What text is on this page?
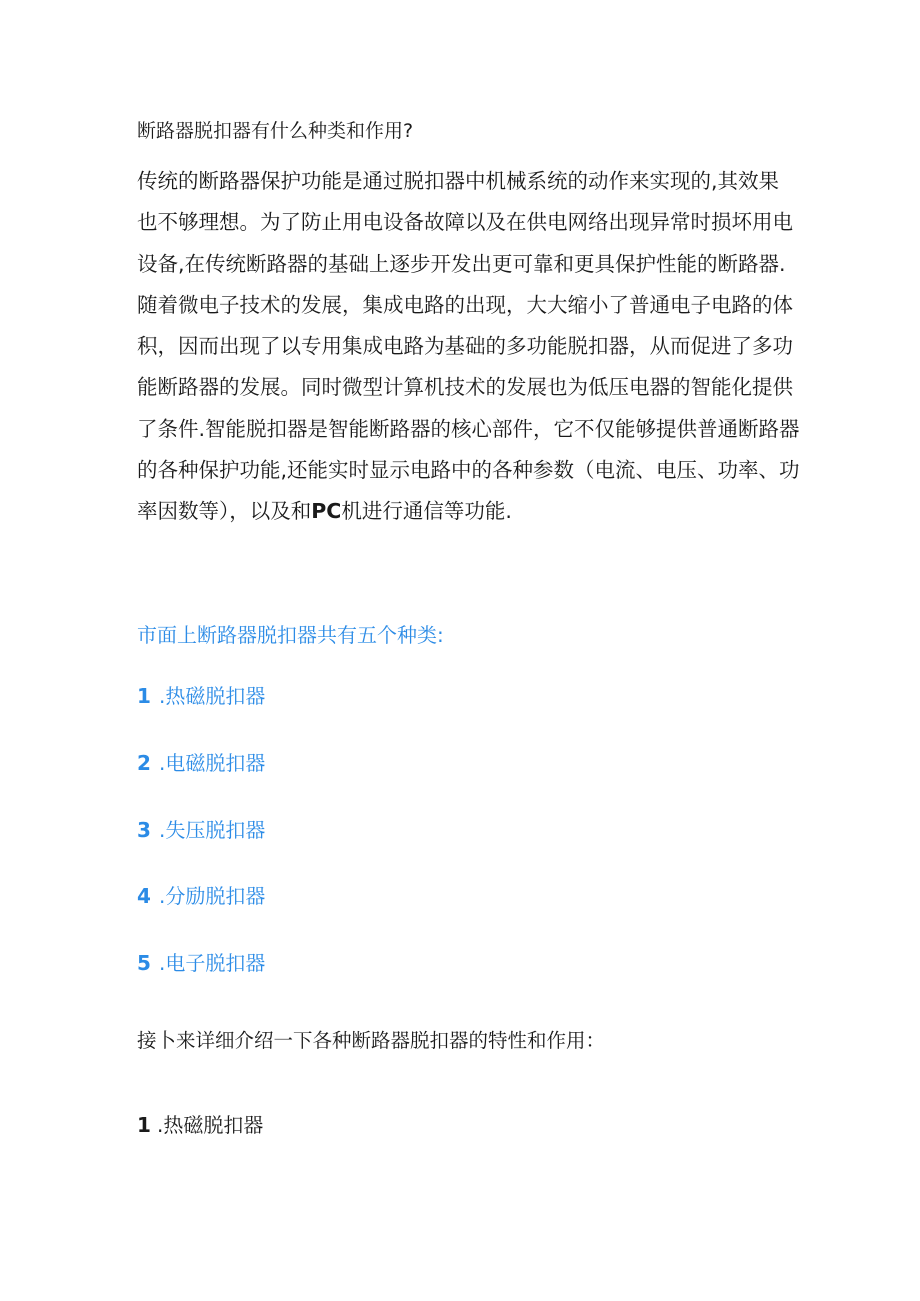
断路器脱扣器有什么种类和作用?
传统的断路器保护功能是通过脱扣器中机械系统的动作来实现的,其效果
也不够理想。为了防止用电设备故障以及在供电网络出现异常时损坏用电
设备,在传统断路器的基础上逐步开发出更可靠和更具保护性能的断路器.
随着微电子技术的发展，集成电路的出现，大大缩小了普通电子电路的体
积，因而出现了以专用集成电路为基础的多功能脱扣器，从而促进了多功
能断路器的发展。同时微型计算机技术的发展也为低压电器的智能化提供
了条件.智能脱扣器是智能断路器的核心部件，它不仅能够提供普通断路器
的各种保护功能,还能实时显示电路中的各种参数（电流、电压、功率、功
率因数等），以及和PC机进行通信等功能.
市面上断路器脱扣器共有五个种类:
1 .热磁脱扣器
2 .电磁脱扣器
3 .失压脱扣器
4 .分励脱扣器
5 .电子脱扣器
接卜来详细介绍一下各种断路器脱扣器的特性和作用：
1 .热磁脱扣器
